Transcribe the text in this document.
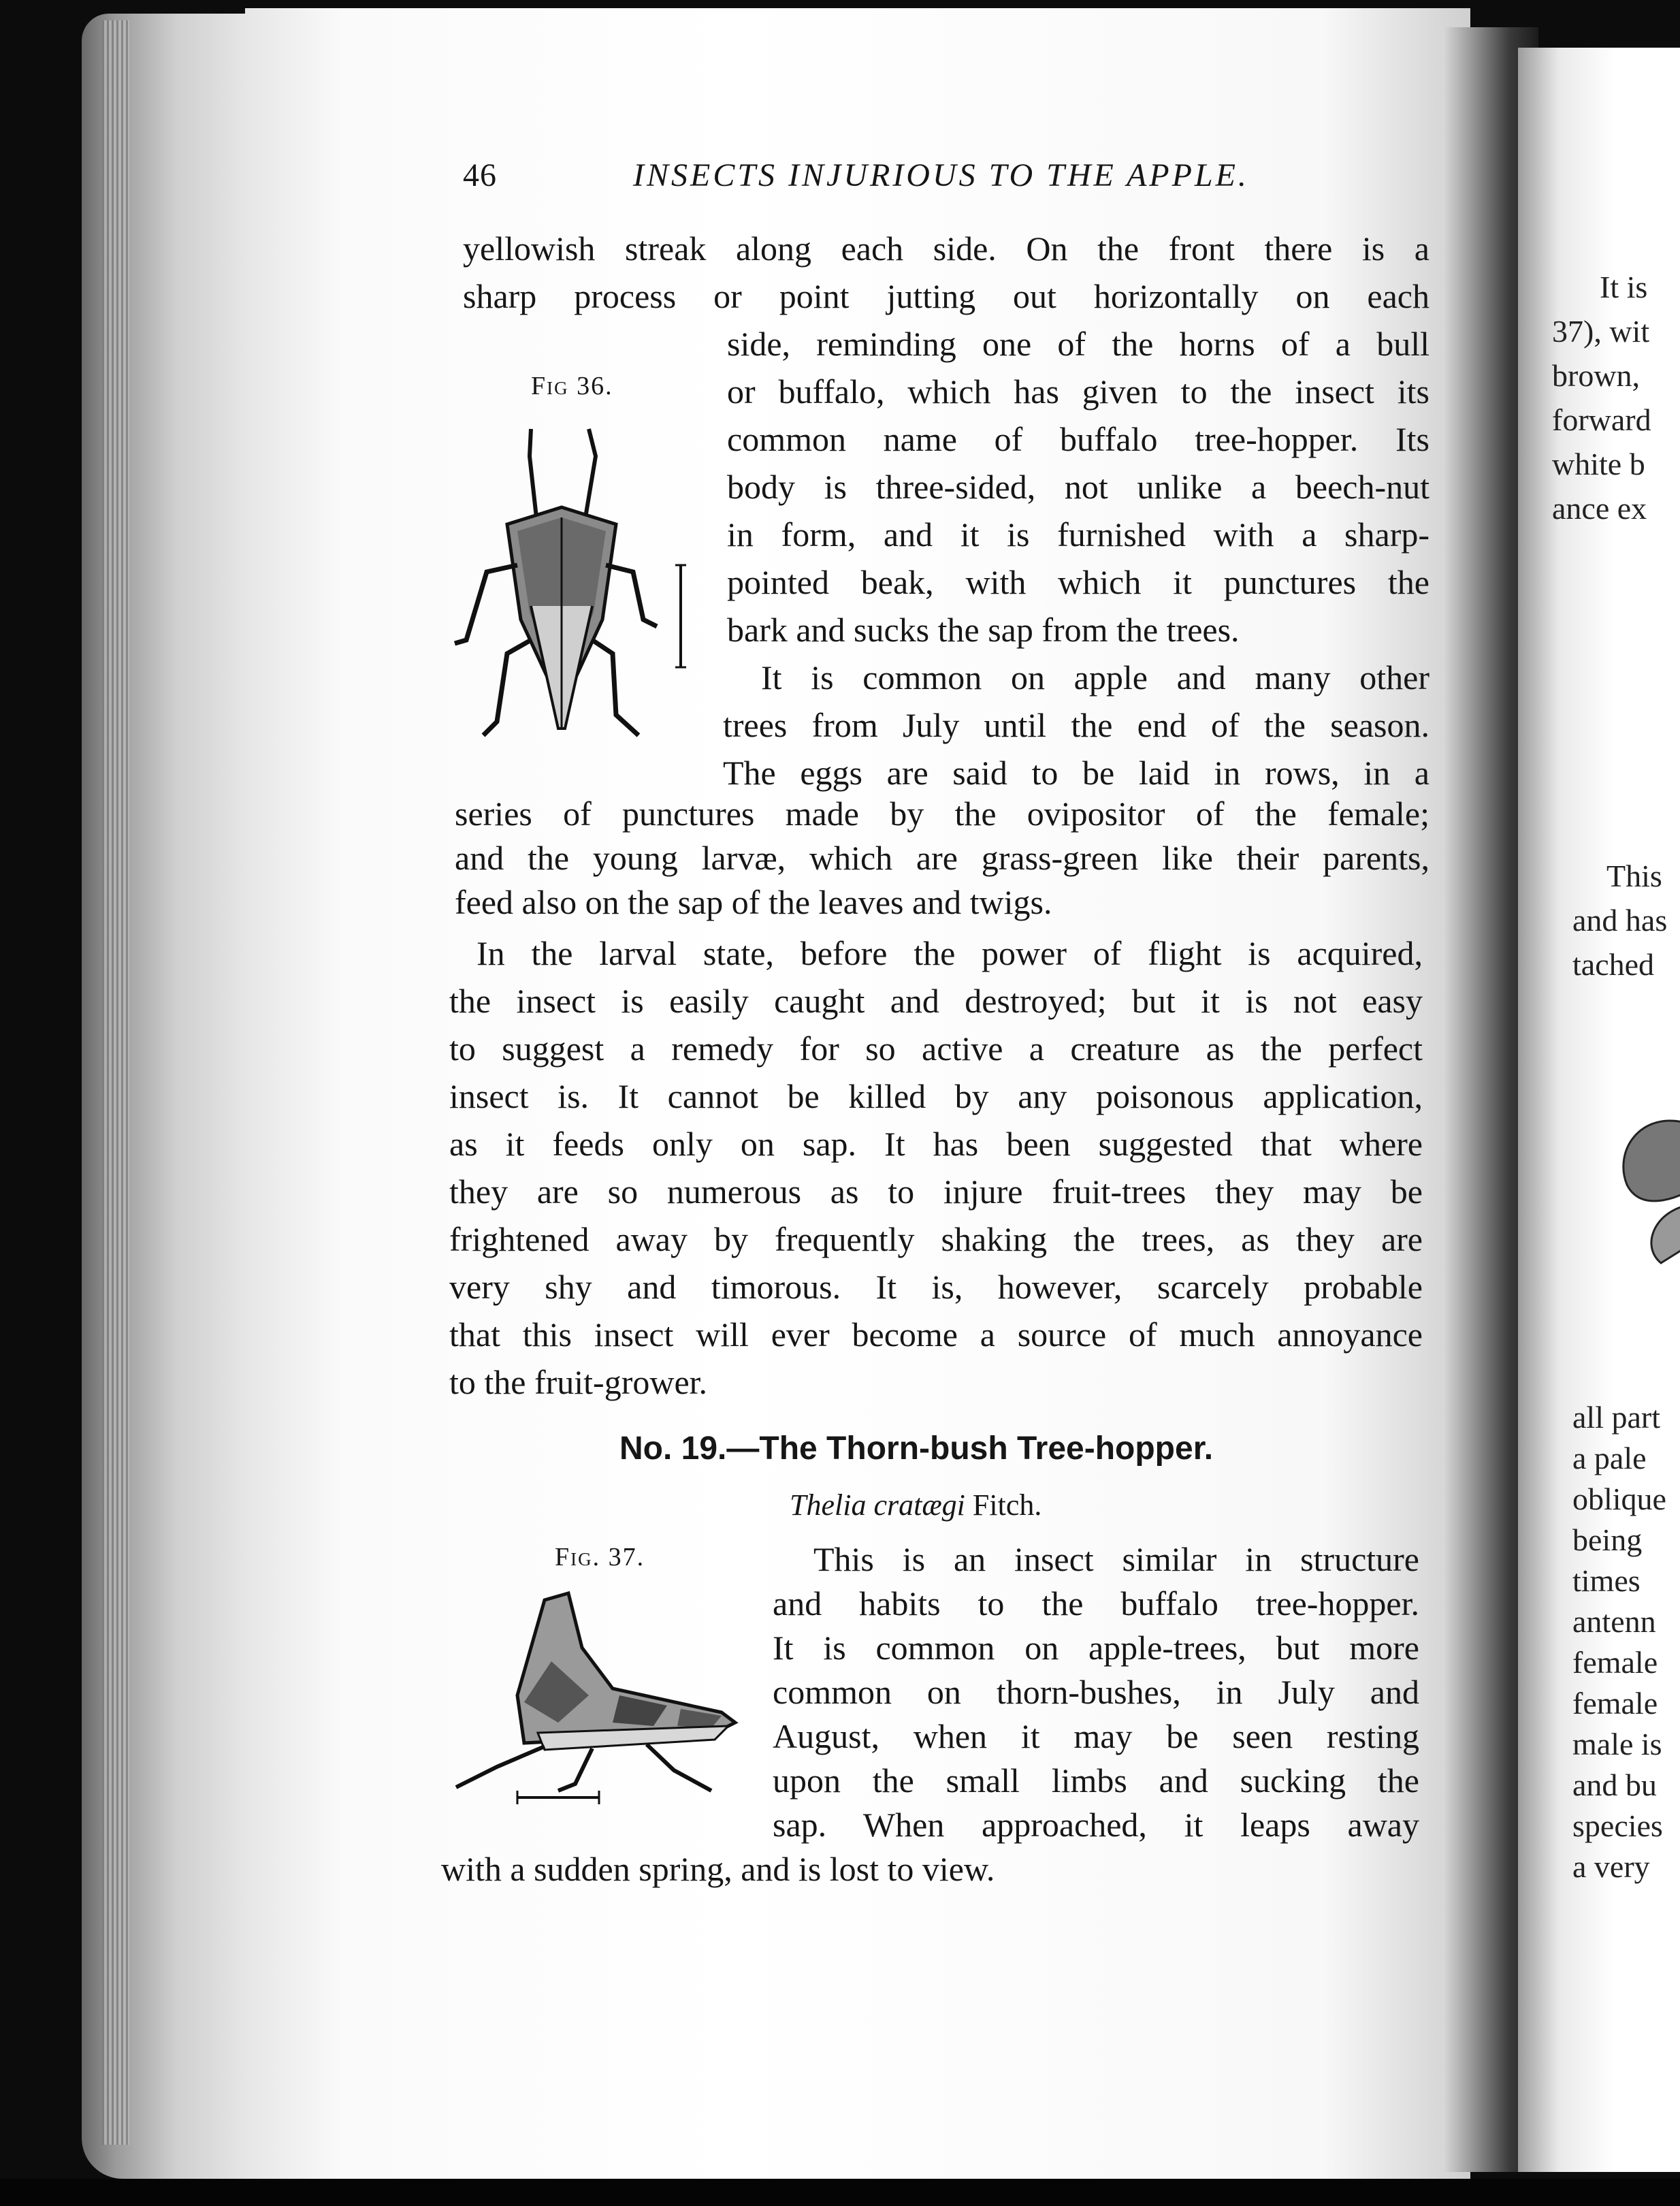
It is
37), wit
brown,
forward
white b
ance ex
This
and has
tached
all part
a pale
oblique
being
times
antenn
female
female
male is
and bu
species
a very
46	INSECTS INJURIOUS TO THE APPLE.
yellowish streak along each side. On the front there is a
sharp process or point jutting out horizontally on each
side, reminding one of the horns of a bull
or buffalo, which has given to the insect its
common name of buffalo tree-hopper. Its
body is three-sided, not unlike a beech-nut
in form, and it is furnished with a sharp-
pointed beak, with which it punctures the
bark and sucks the sap from the trees.
It is common on apple and many other
trees from July until the end of the season.
The eggs are said to be laid in rows, in a
series of punctures made by the ovipositor of the female;
and the young larvæ, which are grass-green like their parents,
feed also on the sap of the leaves and twigs.
In the larval state, before the power of flight is acquired,
the insect is easily caught and destroyed; but it is not easy
to suggest a remedy for so active a creature as the perfect
insect is. It cannot be killed by any poisonous application,
as it feeds only on sap. It has been suggested that where
they are so numerous as to injure fruit-trees they may be
frightened away by frequently shaking the trees, as they are
very shy and timorous. It is, however, scarcely probable
that this insect will ever become a source of much annoyance
to the fruit-grower.
Fig 36.
No. 19.—The Thorn-bush Tree-hopper.
Thelia cratægi Fitch.
Fig. 37.	This is an insect similar in structure
and habits to the buffalo tree-hopper.
It is common on apple-trees, but more
common on thorn-bushes, in July and
August, when it may be seen resting
upon the small limbs and sucking the
sap. When approached, it leaps away
with a sudden spring, and is lost to view.
